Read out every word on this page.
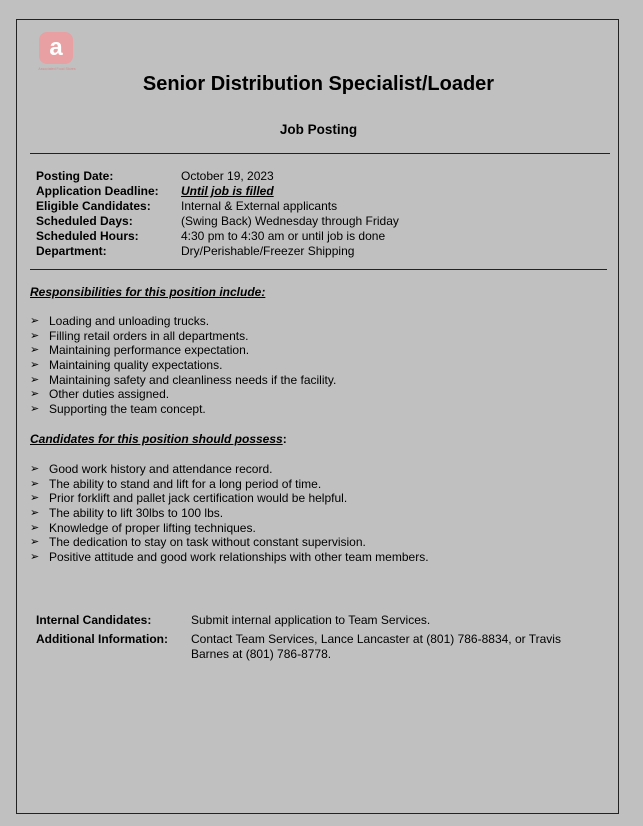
a
Associated Food Stores
Senior Distribution Specialist/Loader
Job Posting
Posting Date:	October 19, 2023
Application Deadline:	Until job is filled
Eligible Candidates:	Internal & External applicants
Scheduled Days:	(Swing Back) Wednesday through Friday
Scheduled Hours:	4:30 pm to 4:30 am or until job is done
Department:	Dry/Perishable/Freezer Shipping
Responsibilities for this position include:
➢ Loading and unloading trucks.
➢ Filling retail orders in all departments.
➢ Maintaining performance expectation.
➢ Maintaining quality expectations.
➢ Maintaining safety and cleanliness needs if the facility.
➢ Other duties assigned.
➢ Supporting the team concept.
Candidates for this position should possess:
➢ Good work history and attendance record.
➢ The ability to stand and lift for a long period of time.
➢ Prior forklift and pallet jack certification would be helpful.
➢ The ability to lift 30lbs to 100 lbs.
➢ Knowledge of proper lifting techniques.
➢ The dedication to stay on task without constant supervision.
➢ Positive attitude and good work relationships with other team members.
Internal Candidates:	Submit internal application to Team Services.
Additional Information:	Contact Team Services, Lance Lancaster at (801) 786-8834, or Travis Barnes at (801) 786-8778.
